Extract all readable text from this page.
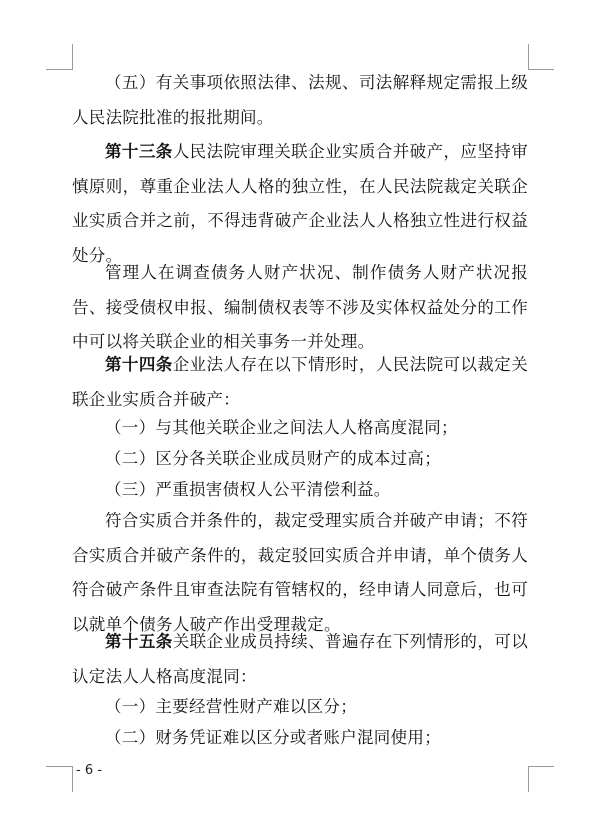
（五）有关事项依照法律、法规、司法解释规定需报上级人民法院批准的报批期间。

第十三条人民法院审理关联企业实质合并破产，应坚持审慎原则，尊重企业法人人格的独立性，在人民法院裁定关联企业实质合并之前，不得违背破产企业法人人格独立性进行权益处分。

管理人在调查债务人财产状况、制作债务人财产状况报告、接受债权申报、编制债权表等不涉及实体权益处分的工作中可以将关联企业的相关事务一并处理。

第十四条企业法人存在以下情形时，人民法院可以裁定关联企业实质合并破产：

（一）与其他关联企业之间法人人格高度混同；

（二）区分各关联企业成员财产的成本过高；

（三）严重损害债权人公平清偿利益。

符合实质合并条件的，裁定受理实质合并破产申请；不符合实质合并破产条件的，裁定驳回实质合并申请，单个债务人符合破产条件且审查法院有管辖权的，经申请人同意后，也可以就单个债务人破产作出受理裁定。

第十五条关联企业成员持续、普遍存在下列情形的，可以认定法人人格高度混同：

（一）主要经营性财产难以区分；

（二）财务凭证难以区分或者账户混同使用；

- 6 -
